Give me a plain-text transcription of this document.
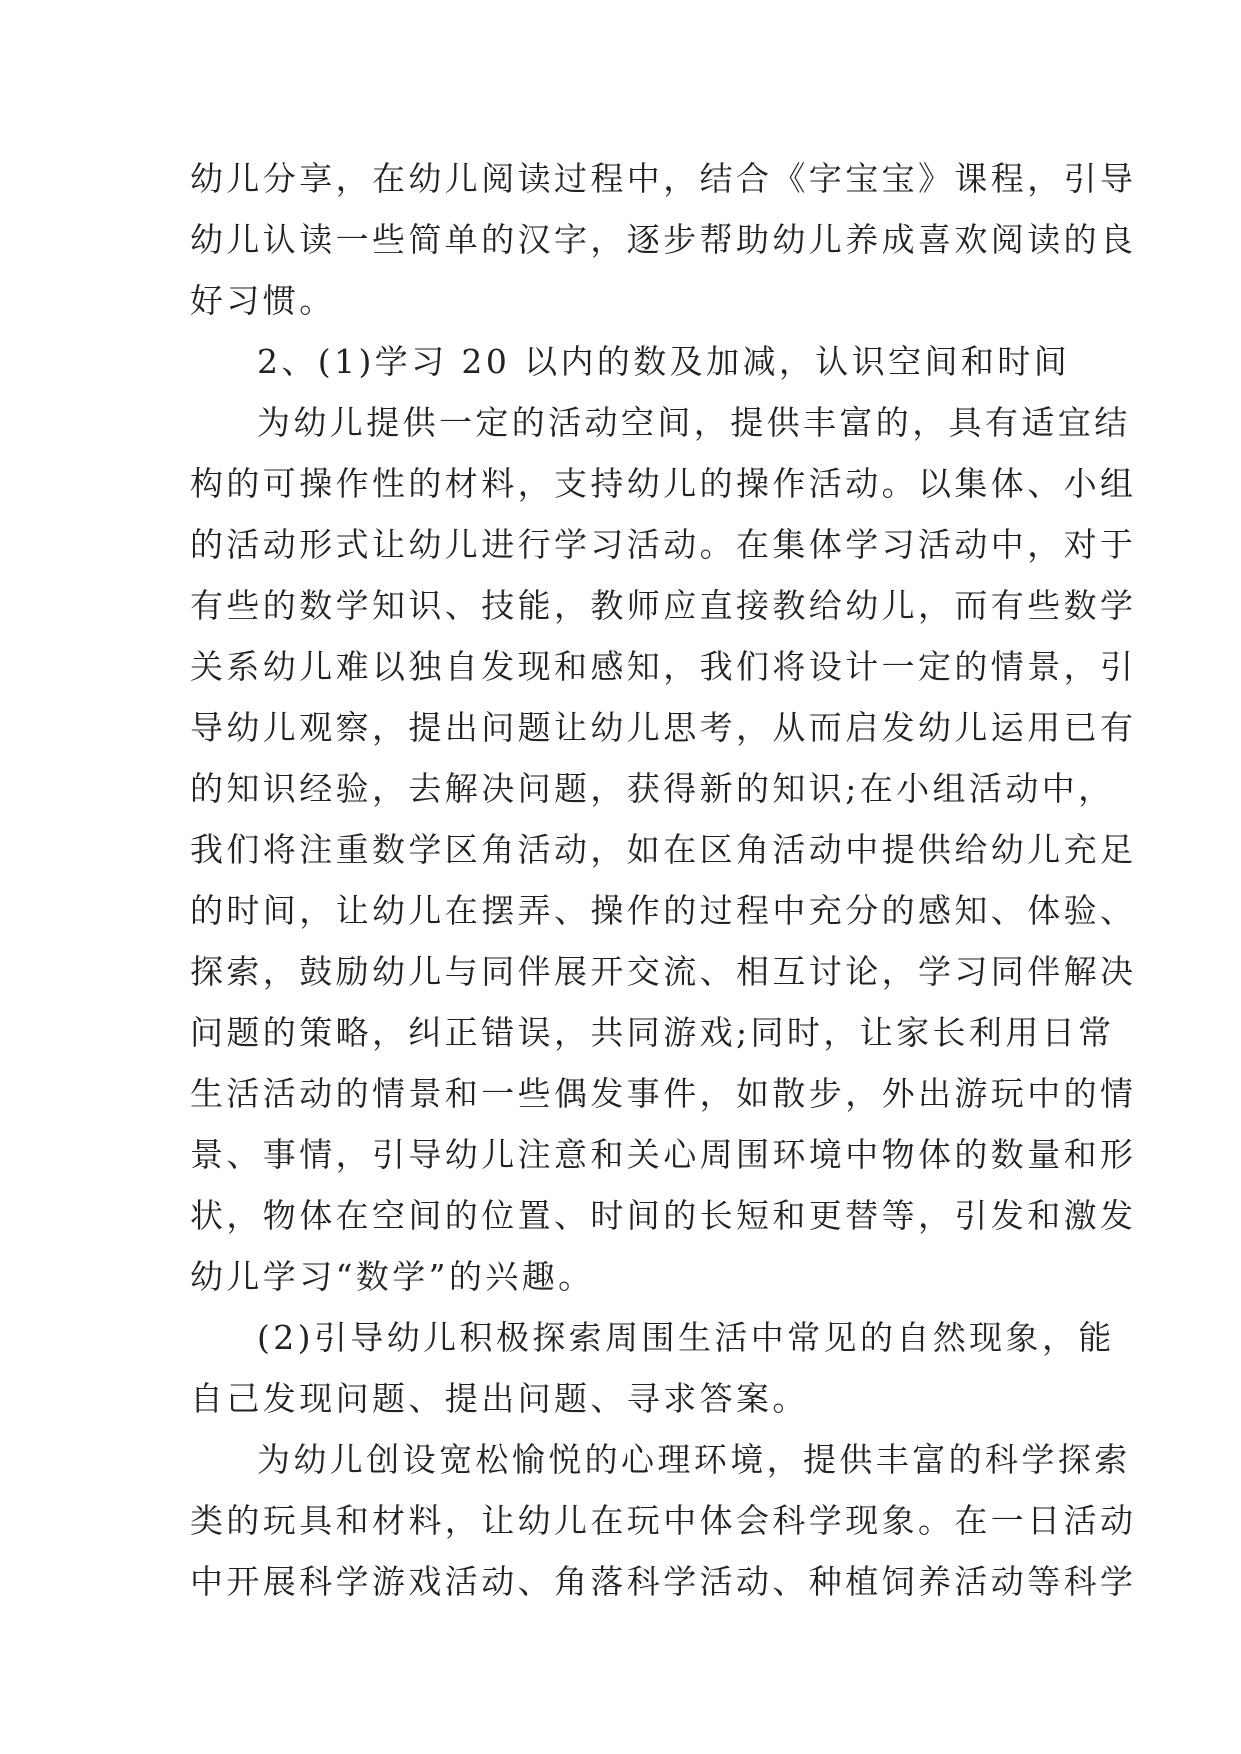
幼儿分享，在幼儿阅读过程中，结合《字宝宝》课程，引导
幼儿认读一些简单的汉字，逐步帮助幼儿养成喜欢阅读的良
好习惯。
2、(1)学习 20 以内的数及加减，认识空间和时间
为幼儿提供一定的活动空间，提供丰富的，具有适宜结
构的可操作性的材料，支持幼儿的操作活动。以集体、小组
的活动形式让幼儿进行学习活动。在集体学习活动中，对于
有些的数学知识、技能，教师应直接教给幼儿，而有些数学
关系幼儿难以独自发现和感知，我们将设计一定的情景，引
导幼儿观察，提出问题让幼儿思考，从而启发幼儿运用已有
的知识经验，去解决问题，获得新的知识;在小组活动中，
我们将注重数学区角活动，如在区角活动中提供给幼儿充足
的时间，让幼儿在摆弄、操作的过程中充分的感知、体验、
探索，鼓励幼儿与同伴展开交流、相互讨论，学习同伴解决
问题的策略，纠正错误，共同游戏;同时，让家长利用日常
生活活动的情景和一些偶发事件，如散步，外出游玩中的情
景、事情，引导幼儿注意和关心周围环境中物体的数量和形
状，物体在空间的位置、时间的长短和更替等，引发和激发
幼儿学习“数学”的兴趣。
(2)引导幼儿积极探索周围生活中常见的自然现象，能
自己发现问题、提出问题、寻求答案。
为幼儿创设宽松愉悦的心理环境，提供丰富的科学探索
类的玩具和材料，让幼儿在玩中体会科学现象。在一日活动
中开展科学游戏活动、角落科学活动、种植饲养活动等科学
